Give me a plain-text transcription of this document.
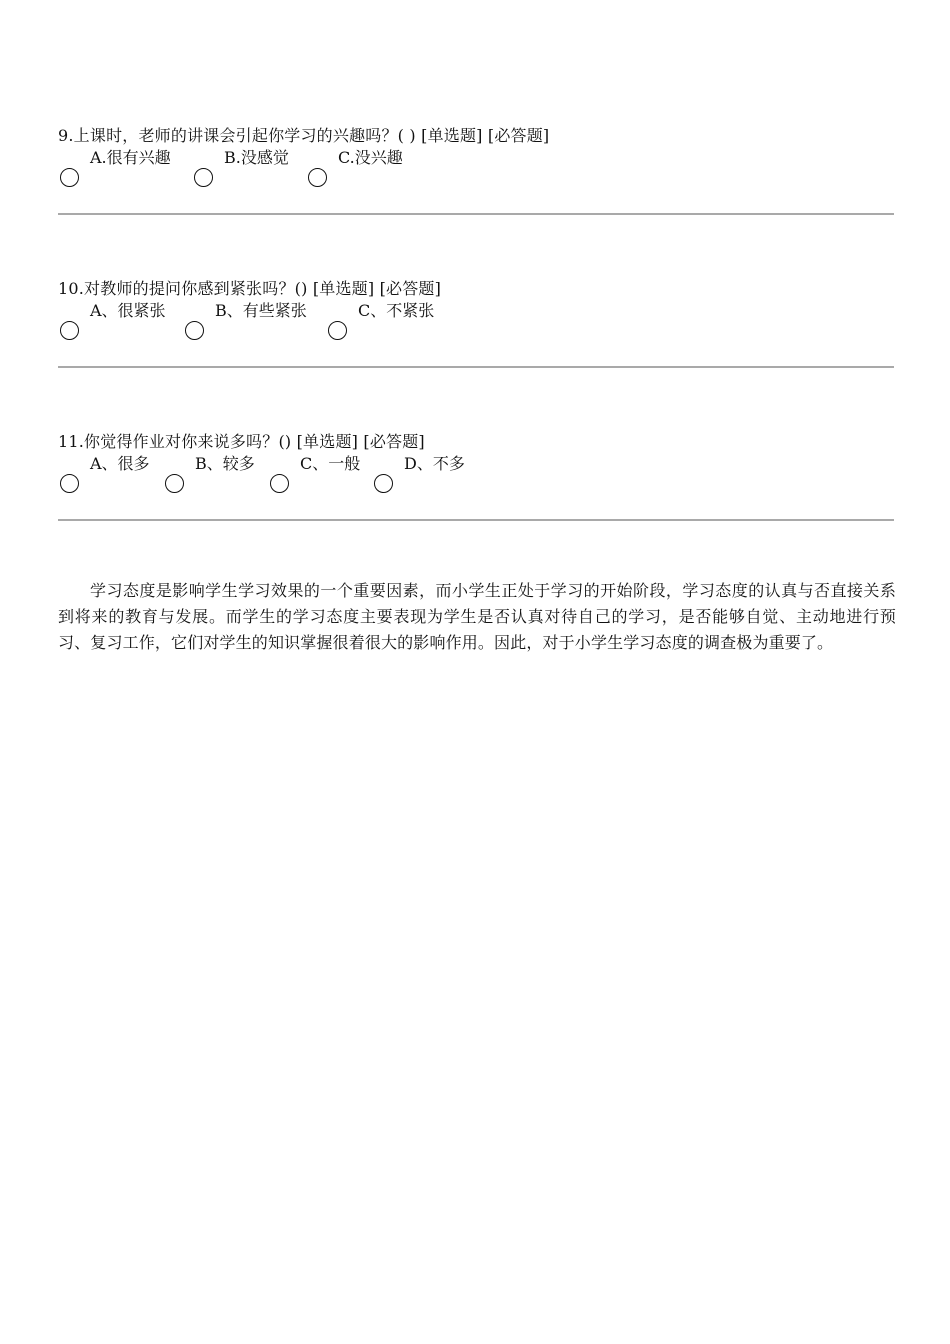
9.上课时，老师的讲课会引起你学习的兴趣吗？( ) [单选题] [必答题]
A.很有兴趣	B.没感觉	C.没兴趣
10.对教师的提问你感到紧张吗？() [单选题] [必答题]
A、很紧张	B、有些紧张	C、不紧张
11.你觉得作业对你来说多吗？() [单选题] [必答题]
A、很多	B、较多	C、一般	D、不多

学习态度是影响学生学习效果的一个重要因素，而小学生正处于学习的开始阶段，学习态度的认真与否直接关系到将来的教育与发展。而学生的学习态度主要表现为学生是否认真对待自己的学习，是否能够自觉、主动地进行预习、复习工作，它们对学生的知识掌握很着很大的影响作用。因此，对于小学生学习态度的调查极为重要了。
